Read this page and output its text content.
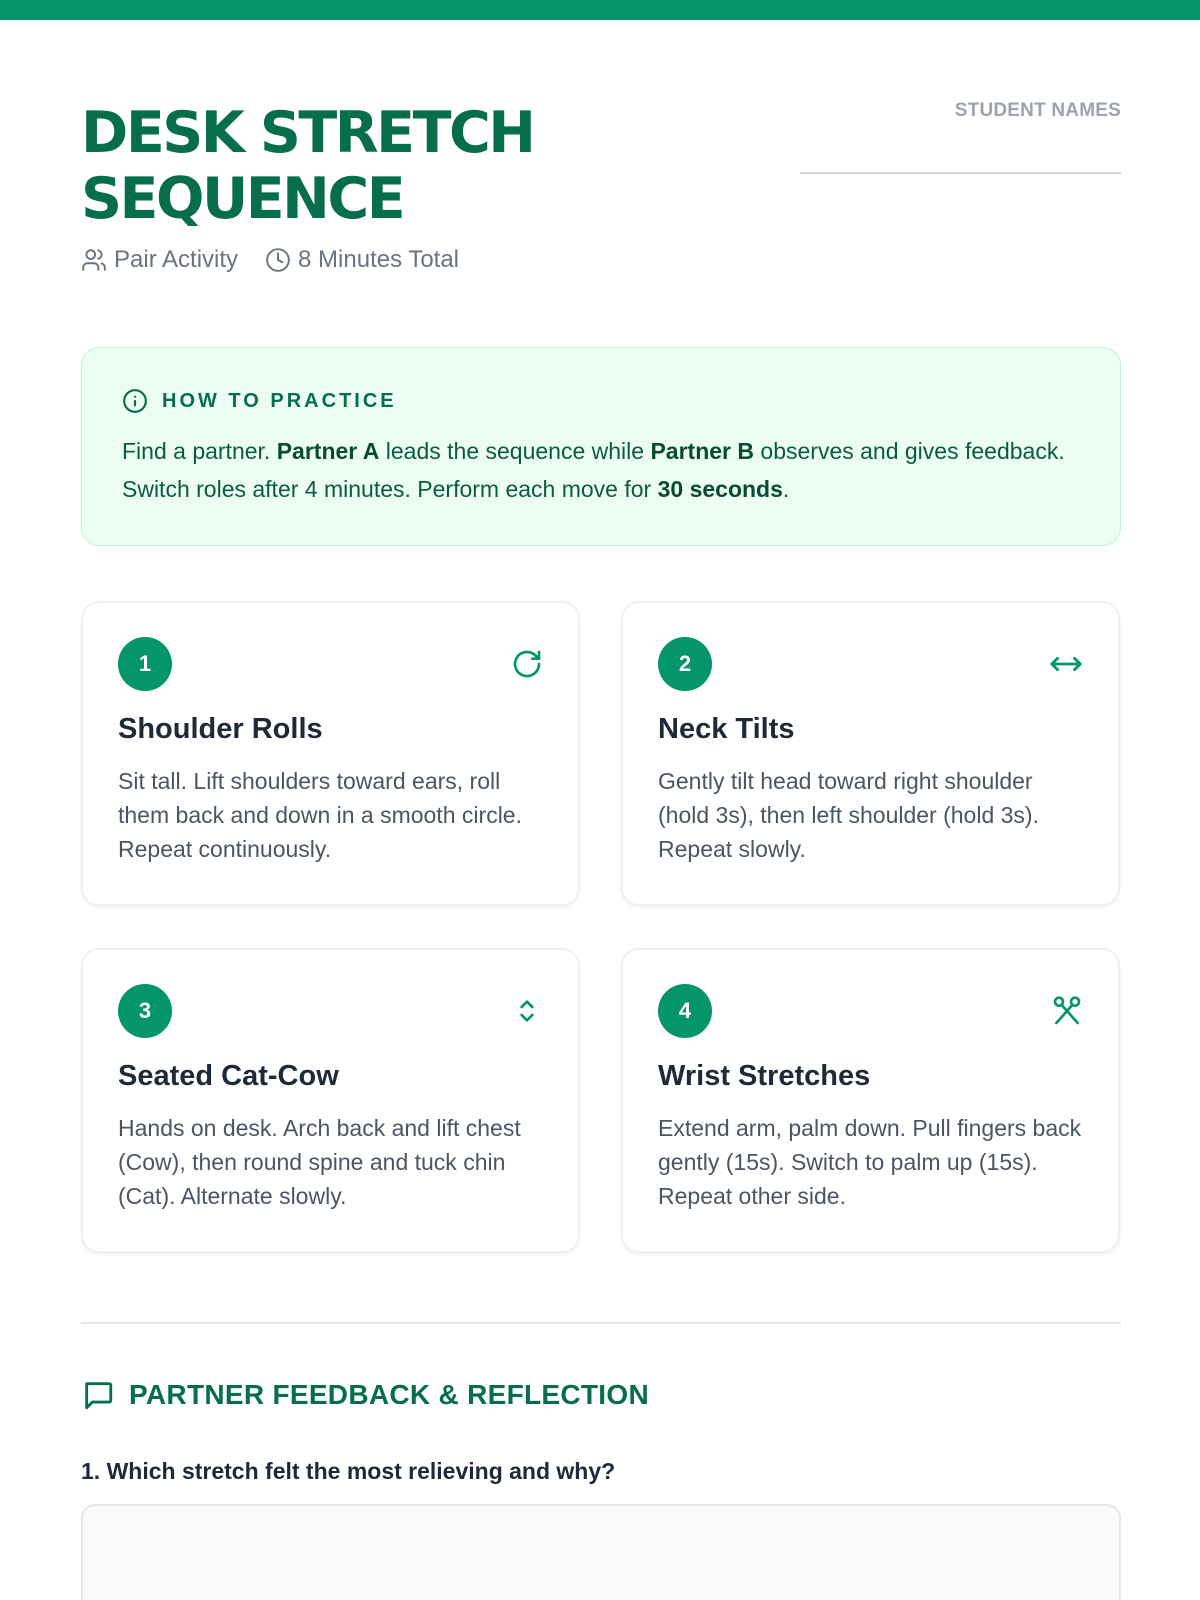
DESK STRETCH SEQUENCE
Pair Activity	8 Minutes Total
STUDENT NAMES
HOW TO PRACTICE

Find a partner. Partner A leads the sequence while Partner B observes and gives feedback. Switch roles after 4 minutes. Perform each move for 30 seconds.

1
Shoulder Rolls

Sit tall. Lift shoulders toward ears, roll them back and down in a smooth circle. Repeat continuously.

2
Neck Tilts

Gently tilt head toward right shoulder (hold 3s), then left shoulder (hold 3s). Repeat slowly.

3
Seated Cat-Cow

Hands on desk. Arch back and lift chest (Cow), then round spine and tuck chin (Cat). Alternate slowly.

4
Wrist Stretches

Extend arm, palm down. Pull fingers back gently (15s). Switch to palm up (15s). Repeat other side.

PARTNER FEEDBACK & REFLECTION
1. Which stretch felt the most relieving and why?
